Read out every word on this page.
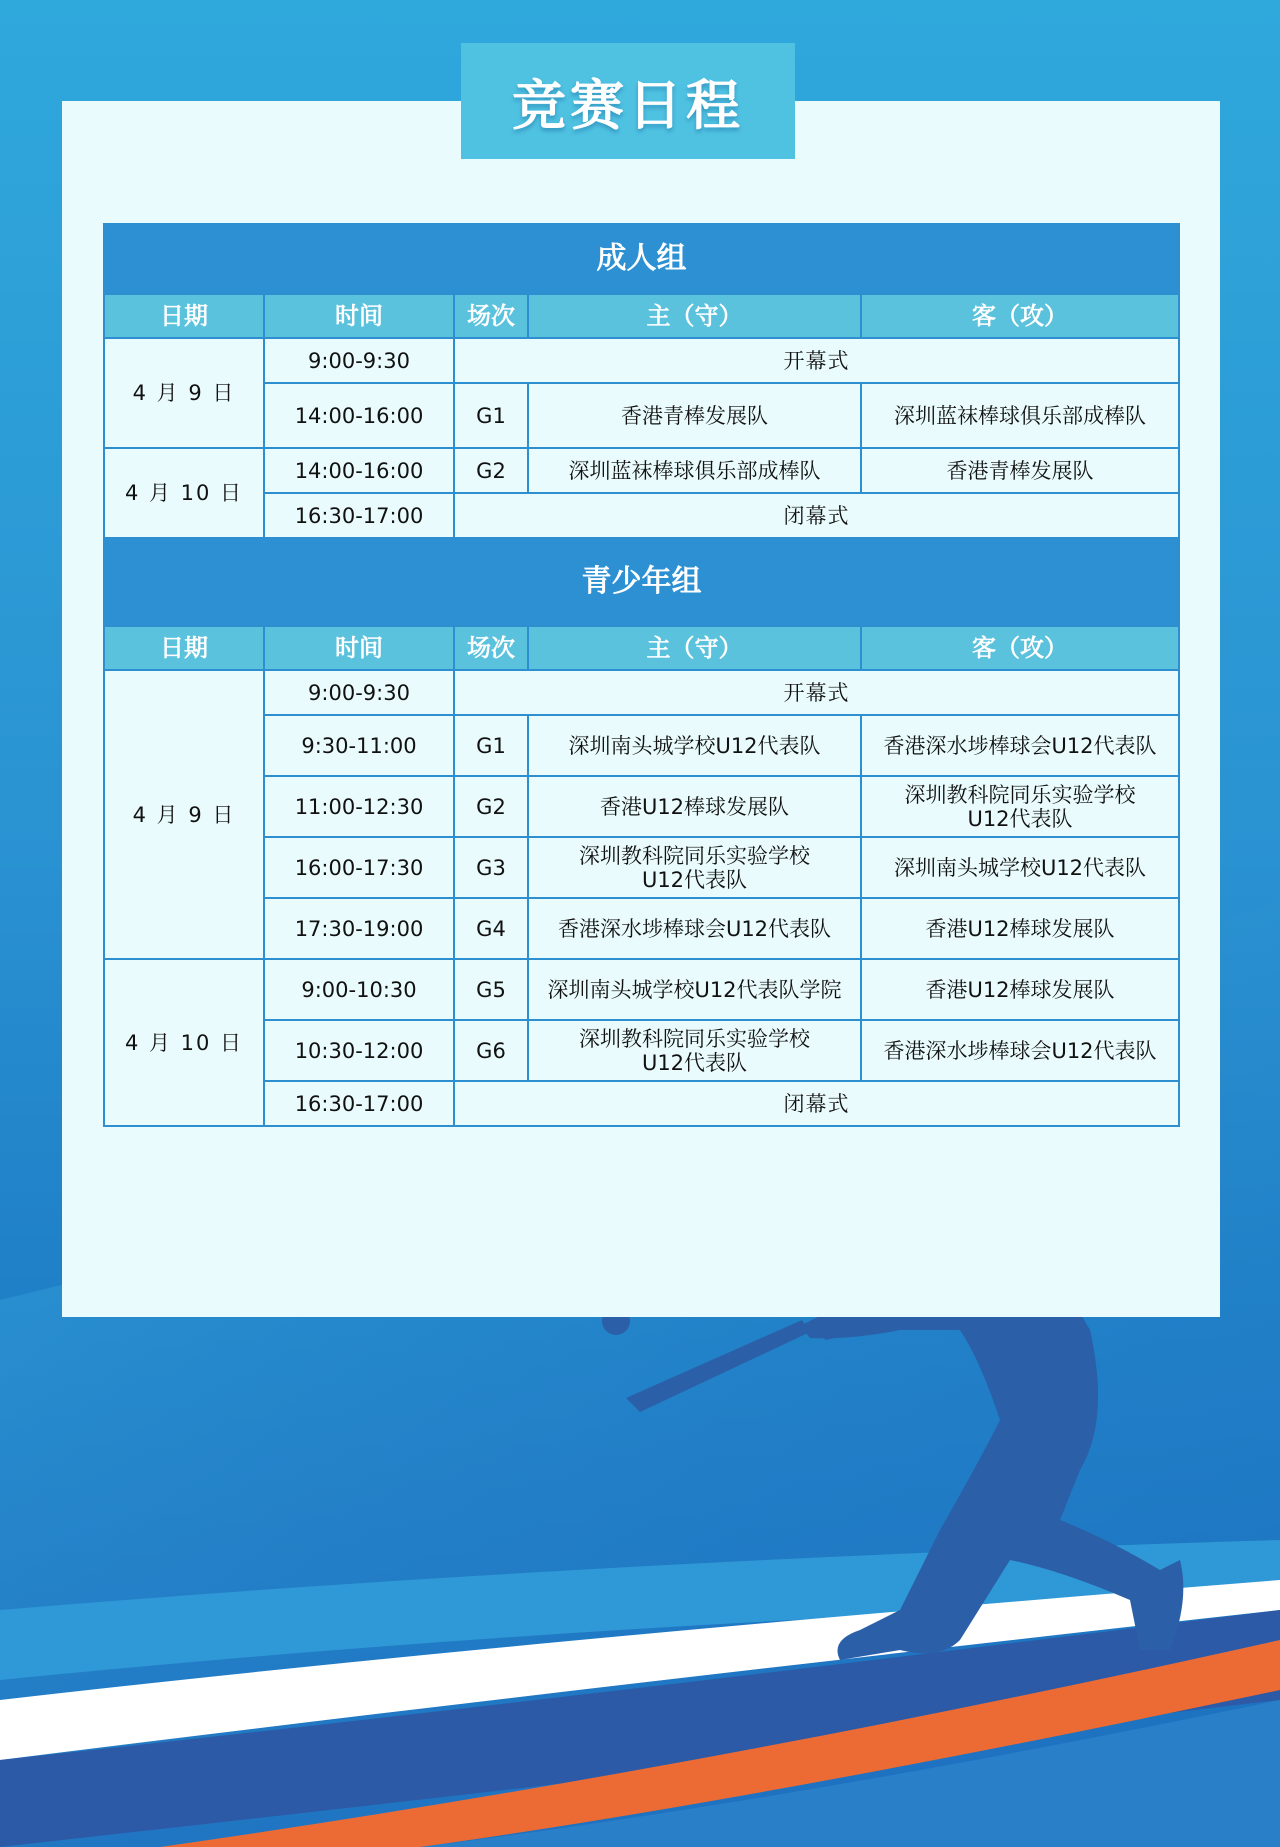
竞赛日程
成人组				
日期	时间	场次	主（守）	客（攻）
4 月 9 日	9:00-9:30	开幕式		
	14:00-16:00	G1	香港青棒发展队	深圳蓝袜棒球俱乐部成棒队
4 月 10 日	14:00-16:00	G2	深圳蓝袜棒球俱乐部成棒队	香港青棒发展队
	16:30-17:00	闭幕式		
青少年组				
日期	时间	场次	主（守）	客（攻）
4 月 9 日	9:00-9:30	开幕式		
	9:30-11:00	G1	深圳南头城学校U12代表队	香港深水埗棒球会U12代表队
	11:00-12:30	G2	香港U12棒球发展队	深圳教科院同乐实验学校
U12代表队

	16:00-17:30	G3	深圳教科院同乐实验学校
U12代表队	深圳南头城学校U12代表队
	17:30-19:00	G4	香港深水埗棒球会U12代表队	香港U12棒球发展队
4 月 10 日	9:00-10:30	G5	深圳南头城学校U12代表队学院	香港U12棒球发展队
	10:30-12:00	G6	深圳教科院同乐实验学校
U12代表队	香港深水埗棒球会U12代表队
	16:30-17:00	闭幕式		
